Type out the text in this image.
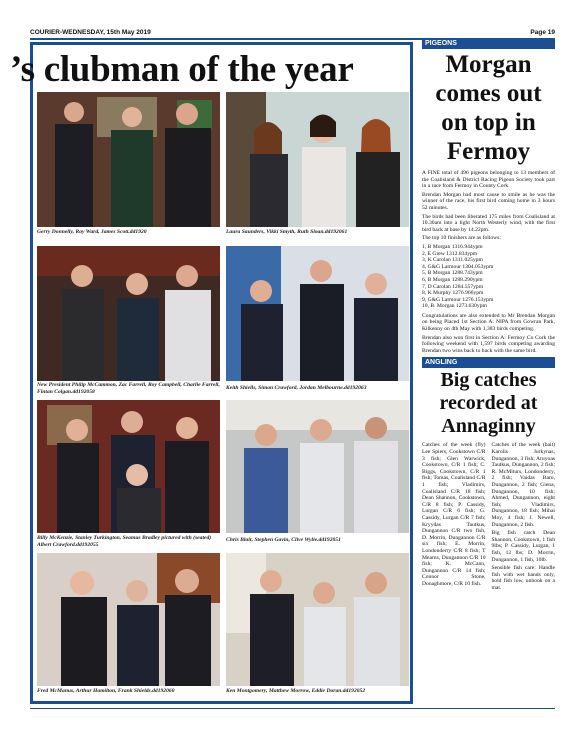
COURIER-WEDNESDAY, 15th May 2019	Page 19
’s clubman of the year
Gerry Donnelly, Roy Ward, James Scott.dd1920	Laura Saunders, Vikki Smyth, Ruth Sloan.dd192061
New President Philip McCammon, Zac Farrell, Roy Campbell, Charlie Farrell, Fintan Colgan.dd192058
Keith Shiells, Simon Crawford, Jordan Melbourne.dd192063
Billy McKenzie, Stanley Turkington, Seamus Bradley pictured with (seated) Albert Crawford.dd192055
Chris Blair, Stephen Gavin, Clive Wylie.dd192051
Fred McManus, Arthur Hamilton, Frank Shields.dd192060	Ken Montgomery, Matthew Morrow, Eddie Doran.dd192052
PIGEONS
Morgan
comes out
on top in
Fermoy

A FINE total of 496 pigeons belonging to 13 members of the Coalisland & District Racing Pigeon Society took part in a race from Fermoy in County Cork.

Brendan Morgan had most cause to smile as he was the winner of the race, his first bird coming home in 3 hours 52 minutes.

The birds had been liberated 175 miles from Coalisland at 10.30am into a light North Westerly wind, with the first bird back at base by 14.22pm.

The top 10 finishers are as follows:

1, B Morgan 1316.944ypm
2, E Grew 1312.834ypm
3, K Carolan 1311.025ypm
4, G&G Larmour 1304.053ypm
5, B Morgan 1288.743ypm
6, B Morgan 1288.290ypm
7, D Carolan 1284.557ypm
8, K Murphy 1276.966ypm
9, G&G Larmour 1276.153ypm
10, B. Morgan 1273.630ypm

Congratulations are also extended to Mr Brendan Morgan on being Placed 1st Section A: NIPA from Gowran Park, Kilkenny on 4th May with 1,383 birds competing.

Brendan also won first in Section A: Fermoy Co Cork the following weekend with 1,597 birds competing awarding Brendan two wins back to back with the same bird.

ANGLING
Big catches
recorded at
Annaginny

Catches of the week (fly) Lee Spiers, Cookstown C/R 3 fish; Glen Warwick, Cookstown, C/R 1 fish; C. Biggs, Cookstown, C/R 1 fish; Tomas, Coalisland C/R 1 fish; Vladimirs, Coalisland C/R 18 fish; Dean Shannon, Cookstown, C/R 8 fish; P. Cassidy, Lurgan C/R 6 fish; G. Cassidy, Lurgan C/R 7 fish; Kryydas Tautkus, Dungannon C/R two fish, D. Morrin, Dungannon C/R six fish; E. Morrin, Londonderry C/R 8 fish; T Mearns, Dungannon C/R 10 fish; K. McCann, Dungannon C/R 14 fish; Connor Stone, Donaghmore, C/R 10 fish.

Catches of the week (bait) Karolis Jurkynas, Dungannon, 3 fish; Aruyoas Tautkus, Dungannon, 2 fish; R. McMiturs, Londonderry, 2 fish; Vaidas Baro, Dungannon, 2 fish; Giena, Dungannon, 10 fish; Ahmed, Dungannon, eight fish; Vladimirs, Dungannon, 18 fish; Mihai Moy, 4 fish; J. Newell, Dungannon, 2 fish.

Big fish catch Dean Shannon, Cookstown, 1 fish 9lbs; P. Cassidy, Lurgan, 1 fish, 12 lbs; D. Morrin, Dungannon, 1 fish, 10lb.

Sensible fish care: Handle fish with wet hands only, hold fish low, unhook on a mat.
